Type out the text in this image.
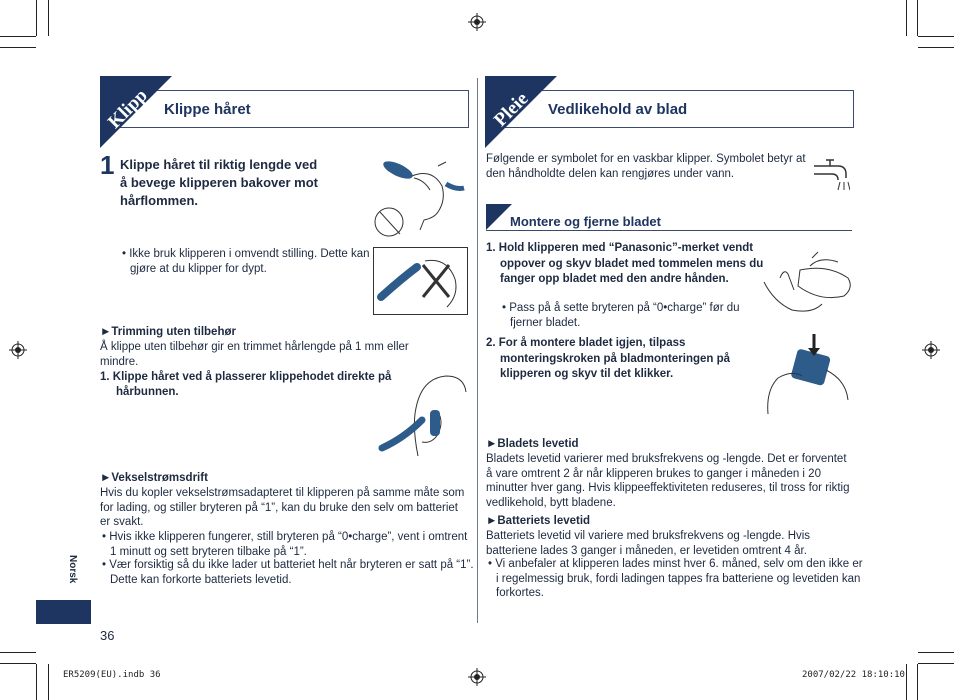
Klipp Klippe håret
1 Klippe håret til riktig lengde ved
å bevege klipperen bakover mot
hårflommen.
• Ikke bruk klipperen i omvendt stilling. Dette kan gjøre at du klipper for dypt.
►Trimming uten tilbehør
Å klippe uten tilbehør gir en trimmet hårlengde på 1 mm eller mindre.
1. Klippe håret ved å plasserer klippehodet direkte på hårbunnen.
►Vekselstrømsdrift
Hvis du kopler vekselstrømsadapteret til klipperen på samme måte som for lading, og stiller bryteren på “1”, kan du bruke den selv om batteriet er svakt.
• Hvis ikke klipperen fungerer, still bryteren på “0•charge”, vent i omtrent 1 minutt og sett bryteren tilbake på “1”.
• Vær forsiktig så du ikke lader ut batteriet helt når bryteren er satt på “1”. Dette kan forkorte batteriets levetid.
Norsk
36
Pleie Vedlikehold av blad
Følgende er symbolet for en vaskbar klipper. Symbolet betyr at den håndholdte delen kan rengjøres under vann.
Montere og fjerne bladet
1. Hold klipperen med “Panasonic”-merket vendt oppover og skyv bladet med tommelen mens du fanger opp bladet med den andre hånden.
• Pass på å sette bryteren på “0•charge” før du fjerner bladet.
2. For å montere bladet igjen, tilpass monteringskroken på bladmonteringen på klipperen og skyv til det klikker.
►Bladets levetid
Bladets levetid varierer med bruksfrekvens og -lengde. Det er forventet å vare omtrent 2 år når klipperen brukes to ganger i måneden i 20 minutter hver gang. Hvis klippeeffektiviteten reduseres, til tross for riktig vedlikehold, bytt bladene.
►Batteriets levetid
Batteriets levetid vil variere med bruksfrekvens og -lengde. Hvis batteriene lades 3 ganger i måneden, er levetiden omtrent 4 år.
• Vi anbefaler at klipperen lades minst hver 6. måned, selv om den ikke er i regelmessig bruk, fordi ladingen tappes fra batteriene og levetiden kan forkortes.
ER5209(EU).indb 36	2007/02/22 18:10:10
